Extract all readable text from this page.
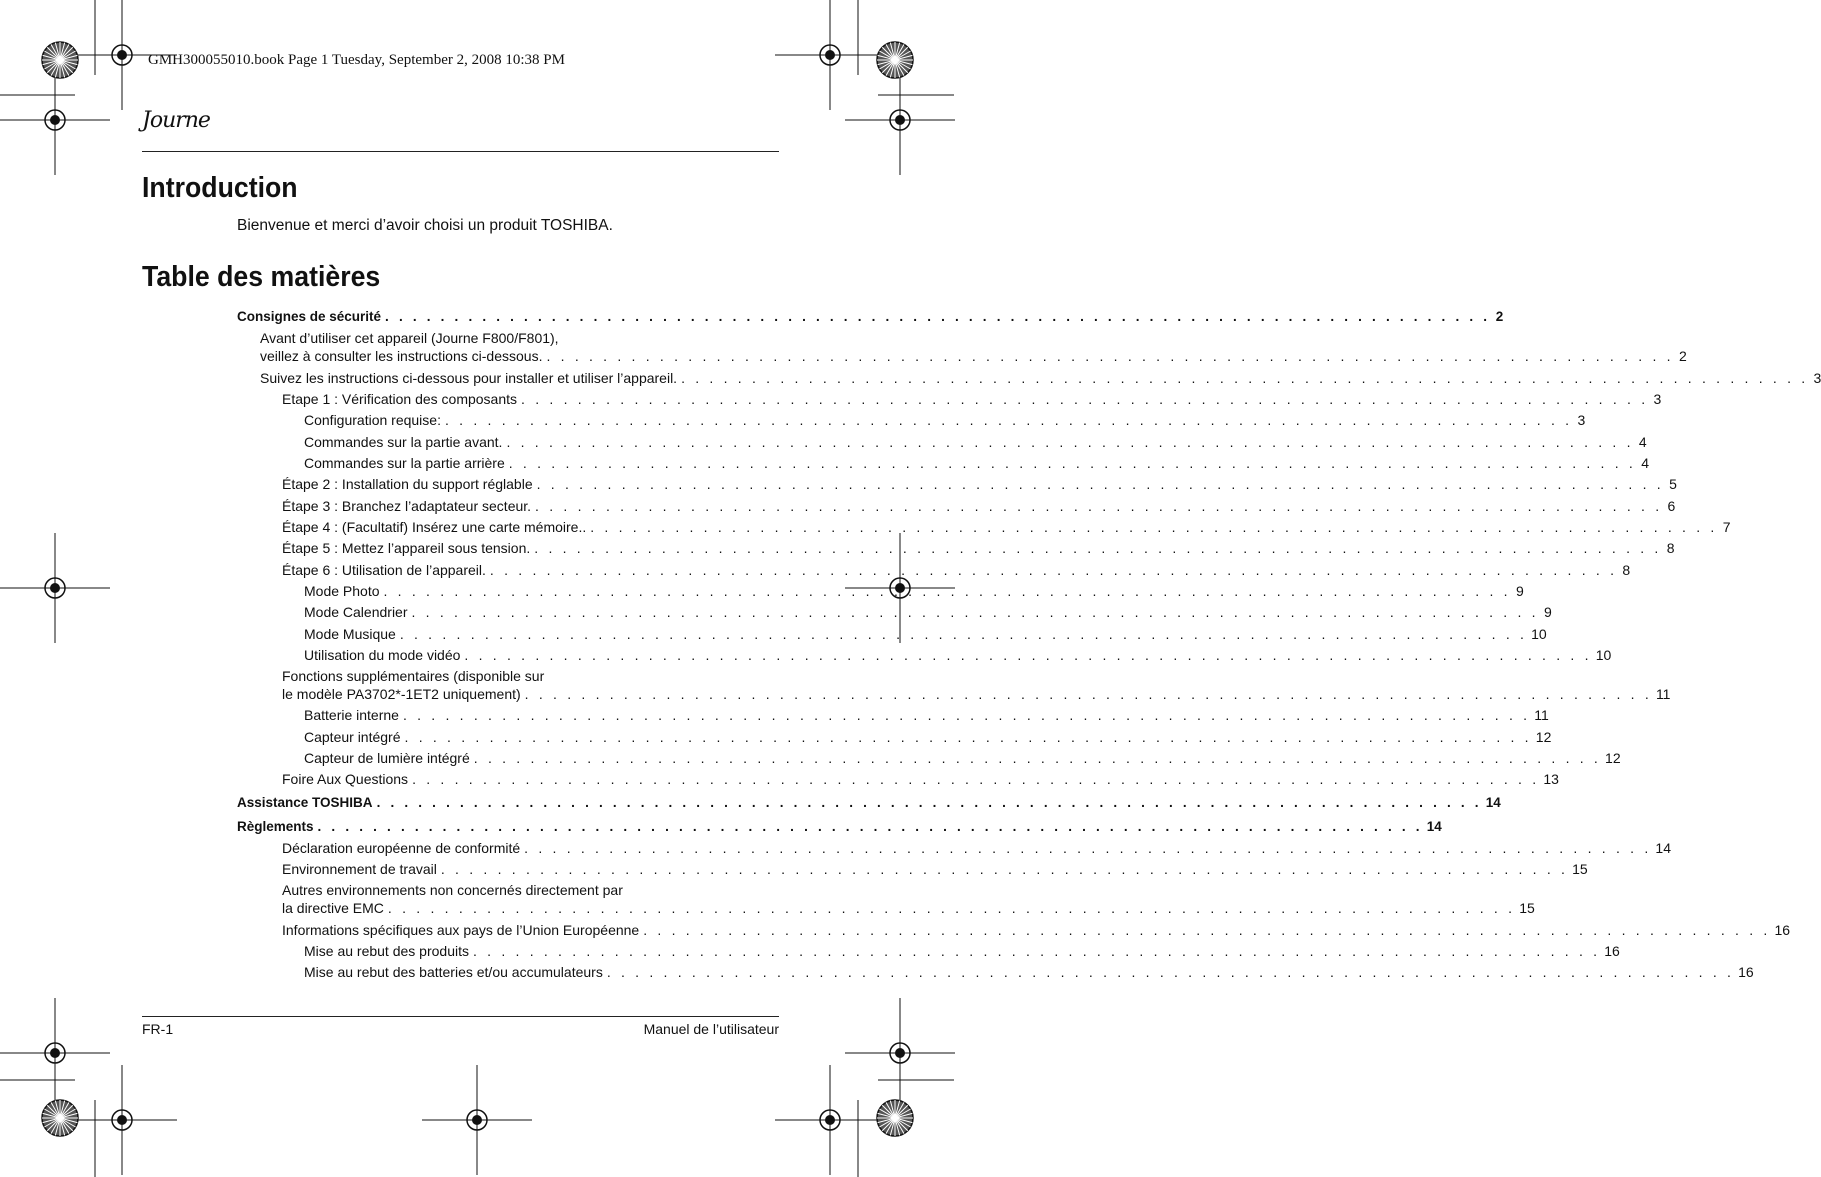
GMH300055010.book Page 1 Tuesday, September 2, 2008 10:38 PM
Journe
Introduction
Bienvenue et merci d’avoir choisi un produit TOSHIBA.
Table des matières
Consignes de sécurité . . . . . . . . . . . . . . . . . . . . . . . . . . . . . . . . . . . . . . . . . . . . . . . . . . . . . . . . . . . . . . . . . . . . . . . . . . . . . . . . 2
Avant d’utiliser cet appareil (Journe F800/F801),
veillez à consulter les instructions ci-dessous. . . . . . . . . . . . . . . . . . . . . . . . . . . . . . . . . . . . . . . . . . . . . . . . . . . . . . . . . . . . . . . . . . . . . . . . . . . . . . . . . 2
Suivez les instructions ci-dessous pour installer et utiliser l’appareil. . . . . . . . . . . . . . . . . . . . . . . . . . . . . . . . . . . . . . . . . . . . . . . . . . . . . . . . . . . . . . . . . . . . . . . . . . . . . . . . . 3
Etape 1 : Vérification des composants . . . . . . . . . . . . . . . . . . . . . . . . . . . . . . . . . . . . . . . . . . . . . . . . . . . . . . . . . . . . . . . . . . . . . . . . . . . . . . . . 3
Configuration requise: . . . . . . . . . . . . . . . . . . . . . . . . . . . . . . . . . . . . . . . . . . . . . . . . . . . . . . . . . . . . . . . . . . . . . . . . . . . . . . . . 3
Commandes sur la partie avant. . . . . . . . . . . . . . . . . . . . . . . . . . . . . . . . . . . . . . . . . . . . . . . . . . . . . . . . . . . . . . . . . . . . . . . . . . . . . . . . . 4
Commandes sur la partie arrière . . . . . . . . . . . . . . . . . . . . . . . . . . . . . . . . . . . . . . . . . . . . . . . . . . . . . . . . . . . . . . . . . . . . . . . . . . . . . . . . 4
Étape 2 : Installation du support réglable . . . . . . . . . . . . . . . . . . . . . . . . . . . . . . . . . . . . . . . . . . . . . . . . . . . . . . . . . . . . . . . . . . . . . . . . . . . . . . . . 5
Étape 3 : Branchez l’adaptateur secteur. . . . . . . . . . . . . . . . . . . . . . . . . . . . . . . . . . . . . . . . . . . . . . . . . . . . . . . . . . . . . . . . . . . . . . . . . . . . . . . . . 6
Étape 4 : (Facultatif) Insérez une carte mémoire.. . . . . . . . . . . . . . . . . . . . . . . . . . . . . . . . . . . . . . . . . . . . . . . . . . . . . . . . . . . . . . . . . . . . . . . . . . . . . . . . . 7
Étape 5 : Mettez l’appareil sous tension. . . . . . . . . . . . . . . . . . . . . . . . . . . . . . . . . . . . . . . . . . . . . . . . . . . . . . . . . . . . . . . . . . . . . . . . . . . . . . . . . 8
Étape 6 : Utilisation de l’appareil. . . . . . . . . . . . . . . . . . . . . . . . . . . . . . . . . . . . . . . . . . . . . . . . . . . . . . . . . . . . . . . . . . . . . . . . . . . . . . . . . 8
Mode Photo . . . . . . . . . . . . . . . . . . . . . . . . . . . . . . . . . . . . . . . . . . . . . . . . . . . . . . . . . . . . . . . . . . . . . . . . . . . . . . . . 9
Mode Calendrier . . . . . . . . . . . . . . . . . . . . . . . . . . . . . . . . . . . . . . . . . . . . . . . . . . . . . . . . . . . . . . . . . . . . . . . . . . . . . . . . 9
Mode Musique . . . . . . . . . . . . . . . . . . . . . . . . . . . . . . . . . . . . . . . . . . . . . . . . . . . . . . . . . . . . . . . . . . . . . . . . . . . . . . . . 10
Utilisation du mode vidéo . . . . . . . . . . . . . . . . . . . . . . . . . . . . . . . . . . . . . . . . . . . . . . . . . . . . . . . . . . . . . . . . . . . . . . . . . . . . . . . . 10
Fonctions supplémentaires (disponible sur
le modèle PA3702*-1ET2 uniquement) . . . . . . . . . . . . . . . . . . . . . . . . . . . . . . . . . . . . . . . . . . . . . . . . . . . . . . . . . . . . . . . . . . . . . . . . . . . . . . . . 11
Batterie interne . . . . . . . . . . . . . . . . . . . . . . . . . . . . . . . . . . . . . . . . . . . . . . . . . . . . . . . . . . . . . . . . . . . . . . . . . . . . . . . . 11
Capteur intégré . . . . . . . . . . . . . . . . . . . . . . . . . . . . . . . . . . . . . . . . . . . . . . . . . . . . . . . . . . . . . . . . . . . . . . . . . . . . . . . . 12
Capteur de lumière intégré . . . . . . . . . . . . . . . . . . . . . . . . . . . . . . . . . . . . . . . . . . . . . . . . . . . . . . . . . . . . . . . . . . . . . . . . . . . . . . . . 12
Foire Aux Questions . . . . . . . . . . . . . . . . . . . . . . . . . . . . . . . . . . . . . . . . . . . . . . . . . . . . . . . . . . . . . . . . . . . . . . . . . . . . . . . . 13
Assistance TOSHIBA . . . . . . . . . . . . . . . . . . . . . . . . . . . . . . . . . . . . . . . . . . . . . . . . . . . . . . . . . . . . . . . . . . . . . . . . . . . . . . . . 14
Règlements . . . . . . . . . . . . . . . . . . . . . . . . . . . . . . . . . . . . . . . . . . . . . . . . . . . . . . . . . . . . . . . . . . . . . . . . . . . . . . . . 14
Déclaration européenne de conformité . . . . . . . . . . . . . . . . . . . . . . . . . . . . . . . . . . . . . . . . . . . . . . . . . . . . . . . . . . . . . . . . . . . . . . . . . . . . . . . . 14
Environnement de travail . . . . . . . . . . . . . . . . . . . . . . . . . . . . . . . . . . . . . . . . . . . . . . . . . . . . . . . . . . . . . . . . . . . . . . . . . . . . . . . . 15
Autres environnements non concernés directement par
la directive EMC . . . . . . . . . . . . . . . . . . . . . . . . . . . . . . . . . . . . . . . . . . . . . . . . . . . . . . . . . . . . . . . . . . . . . . . . . . . . . . . . 15
Informations spécifiques aux pays de l’Union Européenne . . . . . . . . . . . . . . . . . . . . . . . . . . . . . . . . . . . . . . . . . . . . . . . . . . . . . . . . . . . . . . . . . . . . . . . . . . . . . . . . 16
Mise au rebut des produits . . . . . . . . . . . . . . . . . . . . . . . . . . . . . . . . . . . . . . . . . . . . . . . . . . . . . . . . . . . . . . . . . . . . . . . . . . . . . . . . 16
Mise au rebut des batteries et/ou accumulateurs . . . . . . . . . . . . . . . . . . . . . . . . . . . . . . . . . . . . . . . . . . . . . . . . . . . . . . . . . . . . . . . . . . . . . . . . . . . . . . . . 16
FR-1	Manuel de l’utilisateur
